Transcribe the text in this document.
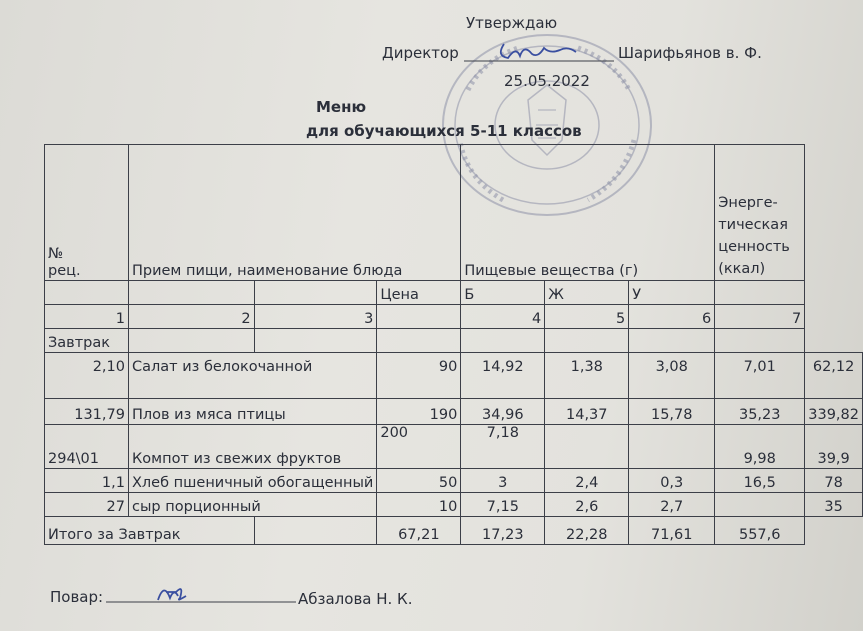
Утверждаю
Директор	Шарифьянов в. Ф.
25.05.2022
Меню
для обучающихся 5-11 классов
№ рец.	Прием пищи, наименование блюда			Пищевые вещества (г)			Энерге-тическая ценность (ккал)	
			Цена	Б	Ж	У		
1	2	3		4	5	6	7	
Завтрак								
2,10	Салат из белокочанной		90	14,92	1,38	3,08	7,01	62,12
131,79	Плов из мяса птицы		190	34,96	14,37	15,78	35,23	339,82
294\01	Компот из свежих фруктов		200	7,18			9,98	39,9
1,1	Хлеб пшеничный обогащенный		50	3	2,4	0,3	16,5	78
27	сыр порционный		10	7,15	2,6	2,7		35
Итого за Завтрак			67,21	17,23	22,28	71,61	557,6	
Повар:	Абзалова Н. К.
